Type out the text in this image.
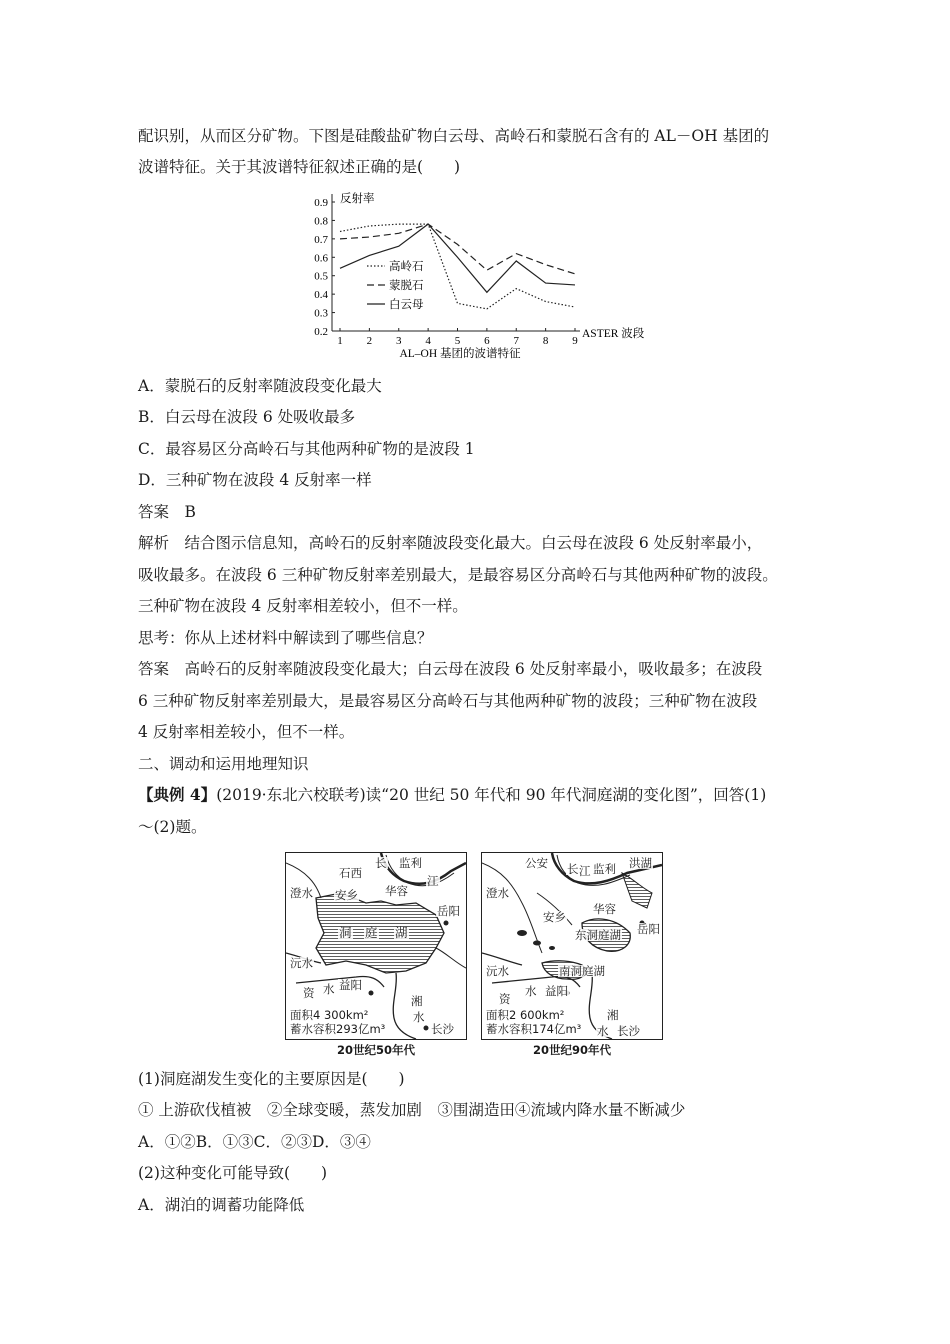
配识别，从而区分矿物。下图是硅酸盐矿物白云母、高岭石和蒙脱石含有的 AL－OH 基团的
波谱特征。关于其波谱特征叙述正确的是(　　)
反射率
ASTER 波段
AL–OH 基团的波谱特征
0.2
0.3
0.4
0.5
0.6
0.7
0.8
0.9
1 2 3 4 5 6 7 8 9
高岭石
蒙脱石
白云母
A．蒙脱石的反射率随波段变化最大
B．白云母在波段 6 处吸收最多
C．最容易区分高岭石与其他两种矿物的是波段 1
D．三种矿物在波段 4 反射率一样
答案　B
解析　结合图示信息知，高岭石的反射率随波段变化最大。白云母在波段 6 处反射率最小，
吸收最多。在波段 6 三种矿物反射率差别最大，是最容易区分高岭石与其他两种矿物的波段。
三种矿物在波段 4 反射率相差较小，但不一样。
思考：你从上述材料中解读到了哪些信息？
答案　高岭石的反射率随波段变化最大；白云母在波段 6 处反射率最小，吸收最多；在波段
6 三种矿物反射率差别最大，是最容易区分高岭石与其他两种矿物的波段；三种矿物在波段
4 反射率相差较小，但不一样。
二、调动和运用地理知识
【典例 4】(2019·东北六校联考)读“20 世纪 50 年代和 90 年代洞庭湖的变化图”，回答(1)
～(2)题。
石西
长 监利
江
澄水 安乡 华容
岳阳
洞 庭 湖
沅水
益阳
资 水
湘
水
长沙
面积4 300km²
蓄水容积293亿m³
20世纪50年代
公安 长 江 监利 洪湖
澄水
安乡
华容
东洞庭湖 岳阳
沅水	南洞庭湖
水 益阳
资
湘
水 长沙
面积2 600km²
蓄水容积174亿m³
20世纪90年代
(1)洞庭湖发生变化的主要原因是(　　)
① 上游砍伐植被　②全球变暖，蒸发加剧　③围湖造田④流域内降水量不断减少
A．①②B．①③C．②③D．③④
(2)这种变化可能导致(　　)
A．湖泊的调蓄功能降低
